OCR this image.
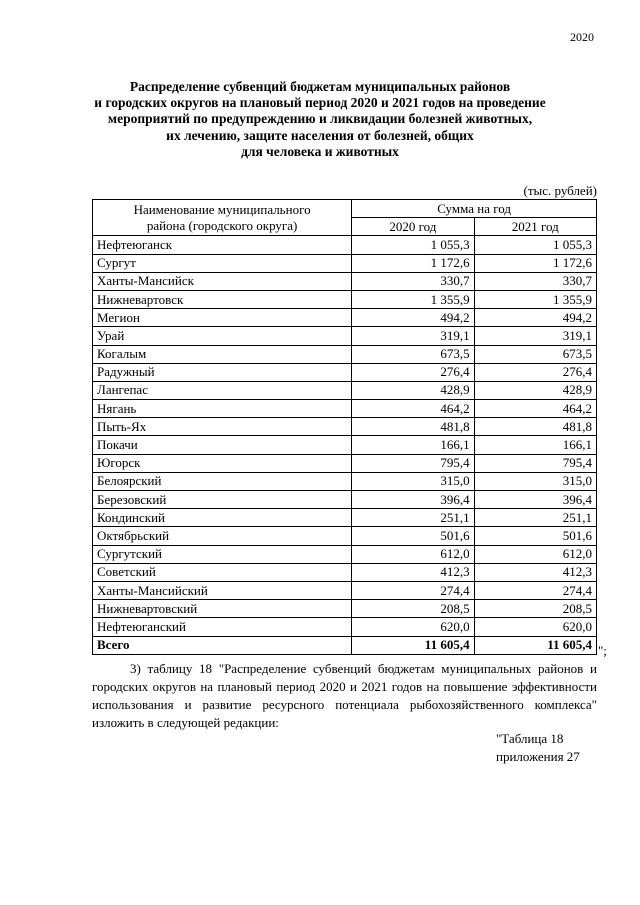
2020
Распределение субвенций бюджетам муниципальных районов
и городских округов на плановый период 2020 и 2021 годов на проведение
мероприятий по предупреждению и ликвидации болезней животных,
их лечению, защите населения от болезней, общих
для человека и животных
(тыс. рублей)
Наименование муниципального
района (городского округа)	Сумма на год	
	2020 год	2021 год
Нефтеюганск	1 055,3	1 055,3
Сургут	1 172,6	1 172,6
Ханты-Мансийск	330,7	330,7
Нижневартовск	1 355,9	1 355,9
Мегион	494,2	494,2
Урай	319,1	319,1
Когалым	673,5	673,5
Радужный	276,4	276,4
Лангепас	428,9	428,9
Нягань	464,2	464,2
Пыть-Ях	481,8	481,8
Покачи	166,1	166,1
Югорск	795,4	795,4
Белоярский	315,0	315,0
Березовский	396,4	396,4
Кондинский	251,1	251,1
Октябрьский	501,6	501,6
Сургутский	612,0	612,0
Советский	412,3	412,3
Ханты-Мансийский	274,4	274,4
Нижневартовский	208,5	208,5
Нефтеюганский	620,0	620,0
Всего	11 605,4	11 605,4 ";
3) таблицу 18 "Распределение субвенций бюджетам муниципальных районов и городских округов на плановый период 2020 и 2021 годов на повышение эффективности использования и развитие ресурсного потенциала рыбохозяйственного комплекса" изложить в следующей редакции:
"Таблица 18
приложения 27
